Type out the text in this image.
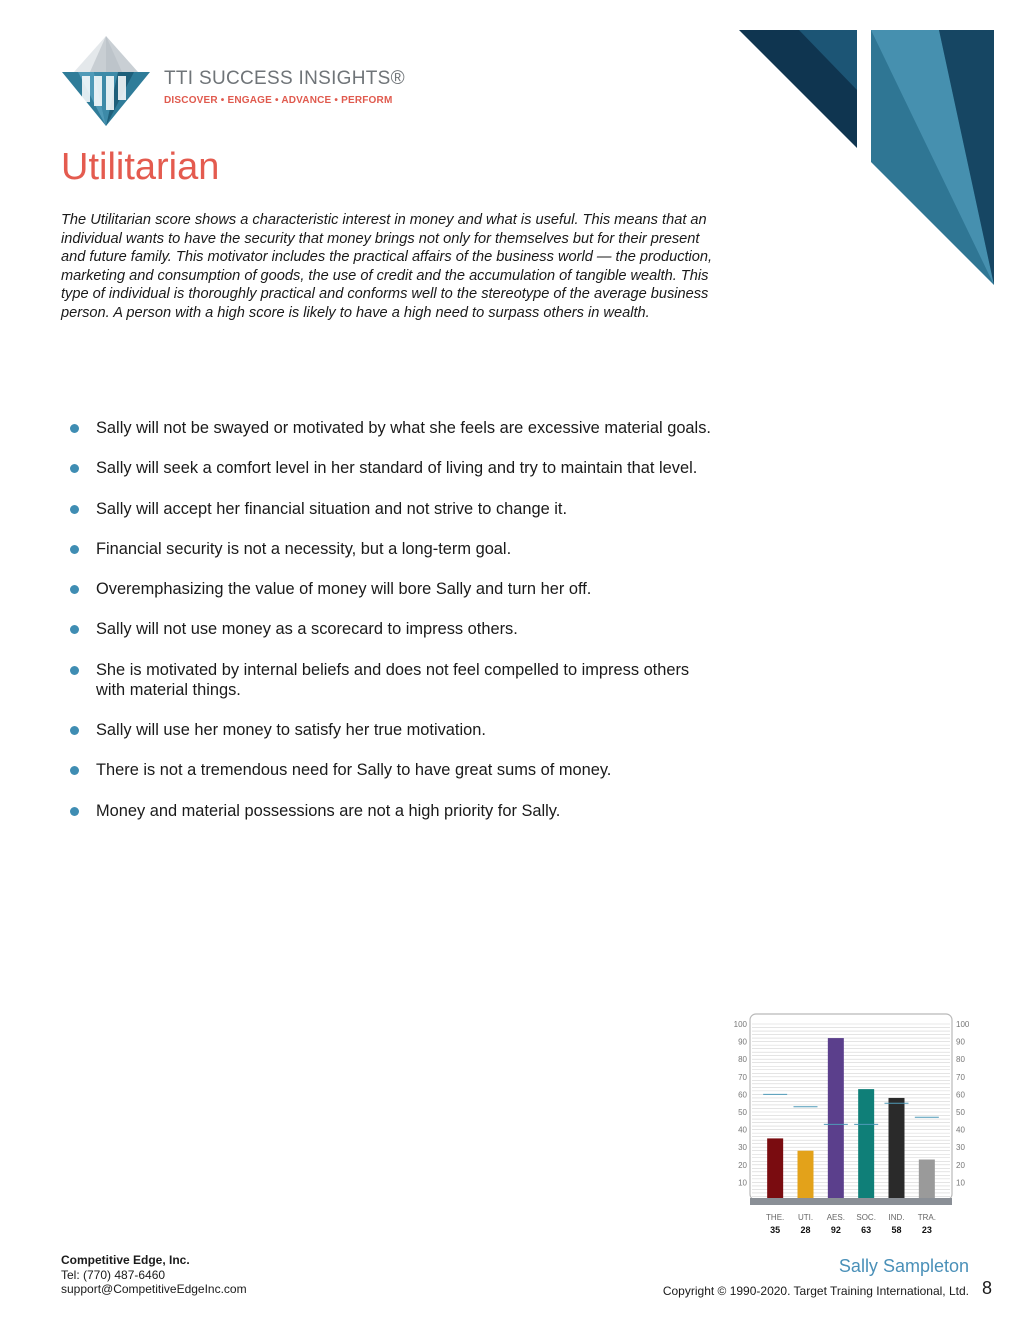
TTI SUCCESS INSIGHTS®
DISCOVER • ENGAGE • ADVANCE • PERFORM
Utilitarian

The Utilitarian score shows a characteristic interest in money and what is useful. This means that an individual wants to have the security that money brings not only for themselves but for their present and future family. This motivator includes the practical affairs of the business world — the production, marketing and consumption of goods, the use of credit and the accumulation of tangible wealth. This type of individual is thoroughly practical and conforms well to the stereotype of the average business person. A person with a high score is likely to have a high need to surpass others in wealth.

Sally will not be swayed or motivated by what she feels are excessive material goals.
Sally will seek a comfort level in her standard of living and try to maintain that level.
Sally will accept her financial situation and not strive to change it.
Financial security is not a necessity, but a long-term goal.
Overemphasizing the value of money will bore Sally and turn her off.
Sally will not use money as a scorecard to impress others.
She is motivated by internal beliefs and does not feel compelled to impress others with material things.
Sally will use her money to satisfy her true motivation.
There is not a tremendous need for Sally to have great sums of money.
Money and material possessions are not a high priority for Sally.
10	10
20	20
30	30
40	40
50	50
60	60
70	70
80	80
90	90
100	100
THE.
35
UTI.
28
AES.
92
SOC.
63
IND.
58
TRA.
23
Competitive Edge, Inc.
Tel: (770) 487-6460
support@CompetitiveEdgeInc.com
Sally Sampleton
Copyright © 1990-2020. Target Training International, Ltd. 8
